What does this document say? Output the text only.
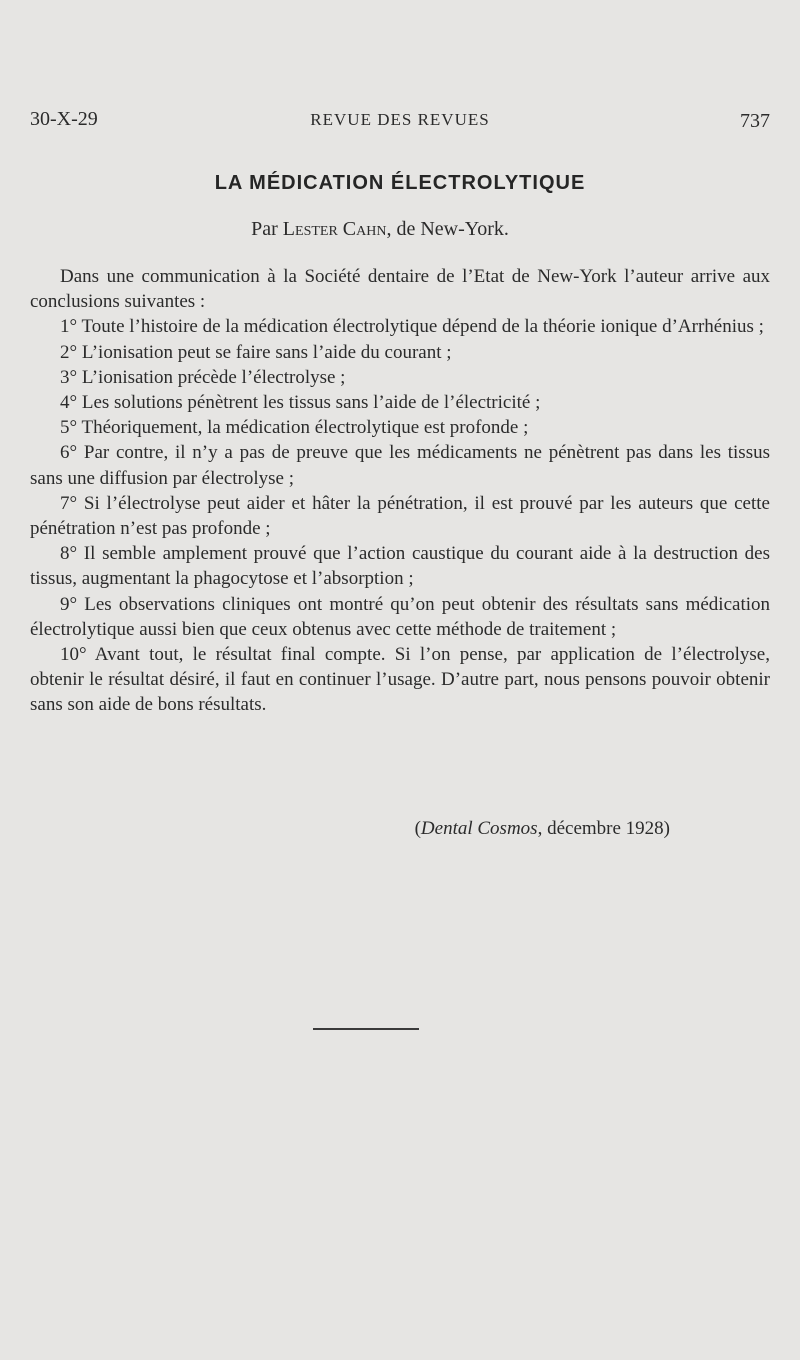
30-X-29	REVUE DES REVUES	737
LA MÉDICATION ÉLECTROLYTIQUE
Par Lester Cahn, de New-York.

Dans une communication à la Société dentaire de l’Etat de New-York l’auteur arrive aux conclusions suivantes :

1° Toute l’histoire de la médication électrolytique dépend de la théorie ionique d’Arrhénius ;

2° L’ionisation peut se faire sans l’aide du courant ;

3° L’ionisation précède l’électrolyse ;

4° Les solutions pénètrent les tissus sans l’aide de l’électricité ;

5° Théoriquement, la médication électrolytique est profonde ;

6° Par contre, il n’y a pas de preuve que les médicaments ne pénètrent pas dans les tissus sans une diffusion par électrolyse ;

7° Si l’électrolyse peut aider et hâter la pénétration, il est prouvé par les auteurs que cette pénétration n’est pas profonde ;

8° Il semble amplement prouvé que l’action caustique du courant aide à la destruction des tissus, augmentant la phagocytose et l’absorption ;

9° Les observations cliniques ont montré qu’on peut obtenir des résultats sans médication électrolytique aussi bien que ceux obtenus avec cette méthode de traitement ;

10° Avant tout, le résultat final compte. Si l’on pense, par application de l’électrolyse, obtenir le résultat désiré, il faut en continuer l’usage. D’autre part, nous pensons pouvoir obtenir sans son aide de bons résultats.

(Dental Cosmos, décembre 1928)
